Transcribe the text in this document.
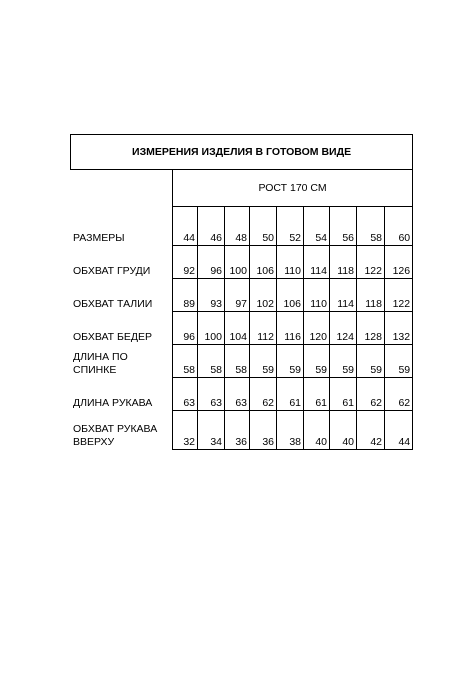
ИЗМЕРЕНИЯ ИЗДЕЛИЯ В ГОТОВОМ ВИДЕ									
	РОСТ 170 СМ								
РАЗМЕРЫ	44	46	48	50	52	54	56	58	60
ОБХВАТ ГРУДИ	92	96	100	106	110	114	118	122	126
ОБХВАТ ТАЛИИ	89	93	97	102	106	110	114	118	122
ОБХВАТ БЕДЕР	96	100	104	112	116	120	124	128	132
ДЛИНА ПО СПИНКЕ	58	58	58	59	59	59	59	59	59
ДЛИНА РУКАВА	63	63	63	62	61	61	61	62	62
ОБХВАТ РУКАВА ВВЕРХУ	32	34	36	36	38	40	40	42	44
